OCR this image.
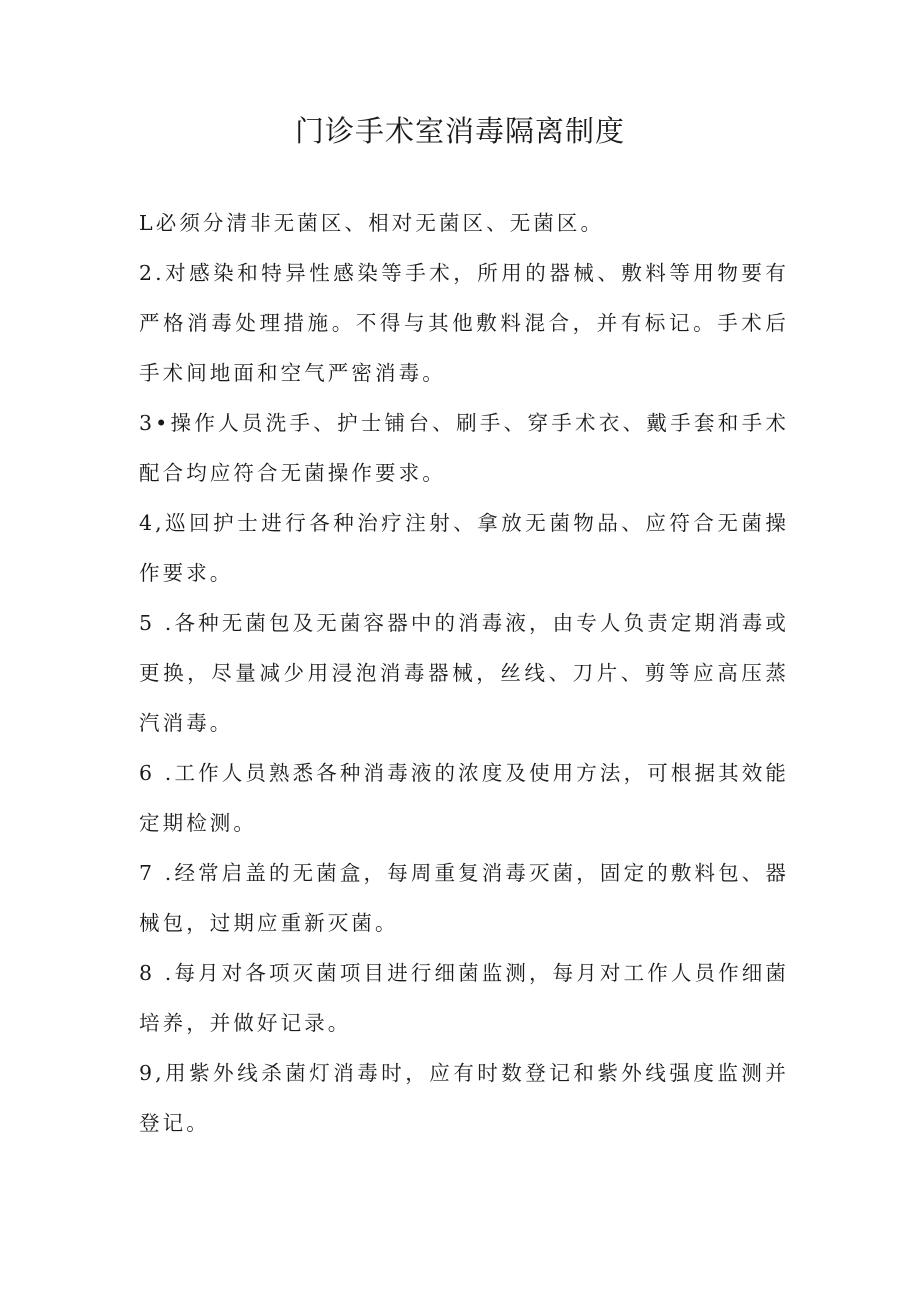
门诊手术室消毒隔离制度

L必须分清非无菌区、相对无菌区、无菌区。

2.对感染和特异性感染等手术，所用的器械、敷料等用物要有严格消毒处理措施。不得与其他敷料混合，并有标记。手术后手术间地面和空气严密消毒。

3•操作人员洗手、护士铺台、刷手、穿手术衣、戴手套和手术配合均应符合无菌操作要求。

4,巡回护士进行各种治疗注射、拿放无菌物品、应符合无菌操作要求。

5 .各种无菌包及无菌容器中的消毒液，由专人负责定期消毒或更换，尽量减少用浸泡消毒器械，丝线、刀片、剪等应高压蒸汽消毒。

6 .工作人员熟悉各种消毒液的浓度及使用方法，可根据其效能定期检测。

7 .经常启盖的无菌盒，每周重复消毒灭菌，固定的敷料包、器械包，过期应重新灭菌。

8 .每月对各项灭菌项目进行细菌监测，每月对工作人员作细菌培养，并做好记录。

9,用紫外线杀菌灯消毒时，应有时数登记和紫外线强度监测并登记。
